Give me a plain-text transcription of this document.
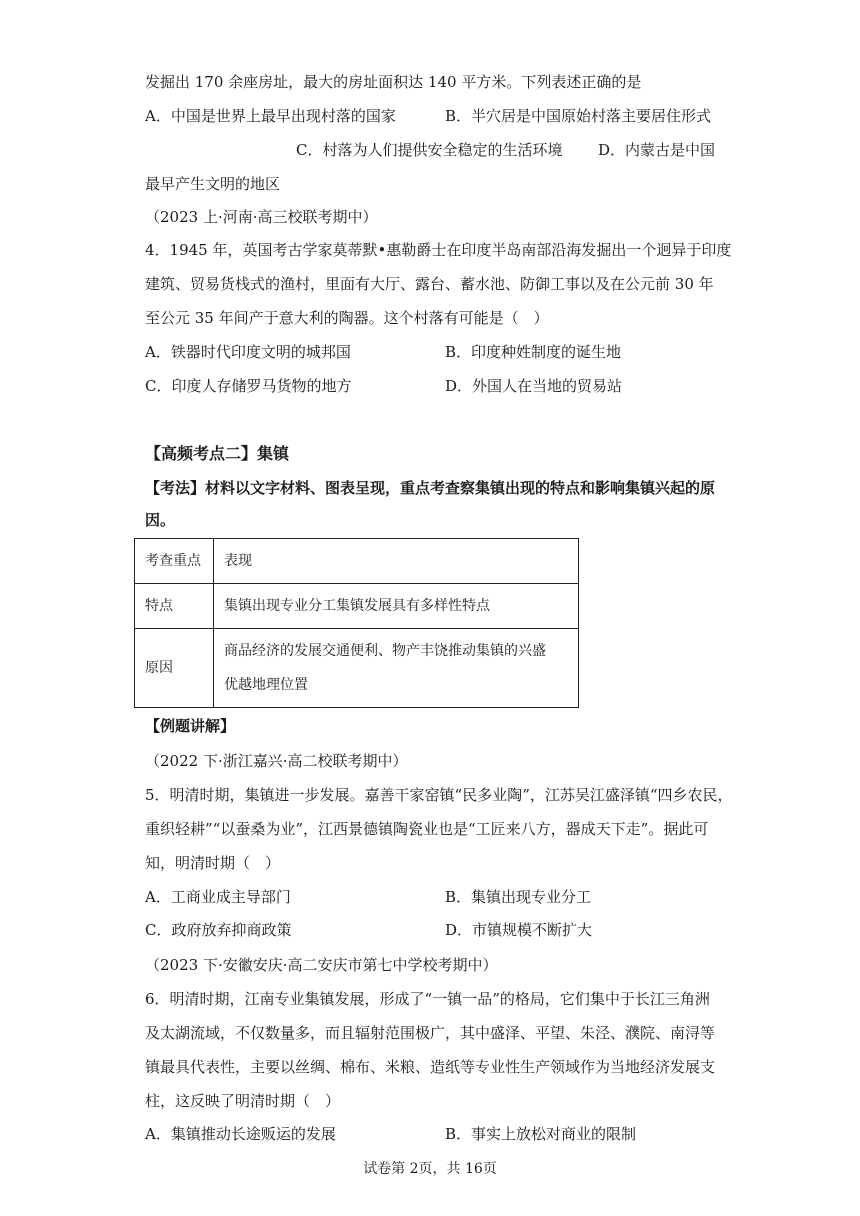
发掘出 170 余座房址，最大的房址面积达 140 平方米。下列表述正确的是
A．中国是世界上最早出现村落的国家	B．半穴居是中国原始村落主要居住形式
C．村落为人们提供安全稳定的生活环境 D．内蒙古是中国
最早产生文明的地区
（2023 上·河南·高三校联考期中）
4．1945 年，英国考古学家莫蒂默•惠勒爵士在印度半岛南部沿海发掘出一个迥异于印度
建筑、贸易货栈式的渔村，里面有大厅、露台、蓄水池、防御工事以及在公元前 30 年
至公元 35 年间产于意大利的陶器。这个村落有可能是（　）
A．铁器时代印度文明的城邦国	B．印度种姓制度的诞生地
C．印度人存储罗马货物的地方	D．外国人在当地的贸易站
【高频考点二】集镇
【考法】材料以文字材料、图表呈现，重点考查察集镇出现的特点和影响集镇兴起的原
因。
考查重点	表现
特点	集镇出现专业分工集镇发展具有多样性特点
原因	商品经济的发展交通便利、物产丰饶推动集镇的兴盛
优越地理位置
【例题讲解】
（2022 下·浙江嘉兴·高二校联考期中）
5．明清时期，集镇进一步发展。嘉善干家窑镇“民多业陶”，江苏吴江盛泽镇“四乡农民，
重织轻耕”“以蚕桑为业”，江西景德镇陶瓷业也是“工匠来八方，器成天下走”。据此可
知，明清时期（　）
A．工商业成主导部门	B．集镇出现专业分工
C．政府放弃抑商政策	D．市镇规模不断扩大
（2023 下·安徽安庆·高二安庆市第七中学校考期中）
6．明清时期，江南专业集镇发展，形成了“一镇一品”的格局，它们集中于长江三角洲
及太湖流域，不仅数量多，而且辐射范围极广，其中盛泽、平望、朱泾、濮院、南浔等
镇最具代表性，主要以丝绸、棉布、米粮、造纸等专业性生产领域作为当地经济发展支
柱，这反映了明清时期（　）
A．集镇推动长途贩运的发展	B．事实上放松对商业的限制
试卷第 2页，共 16页
